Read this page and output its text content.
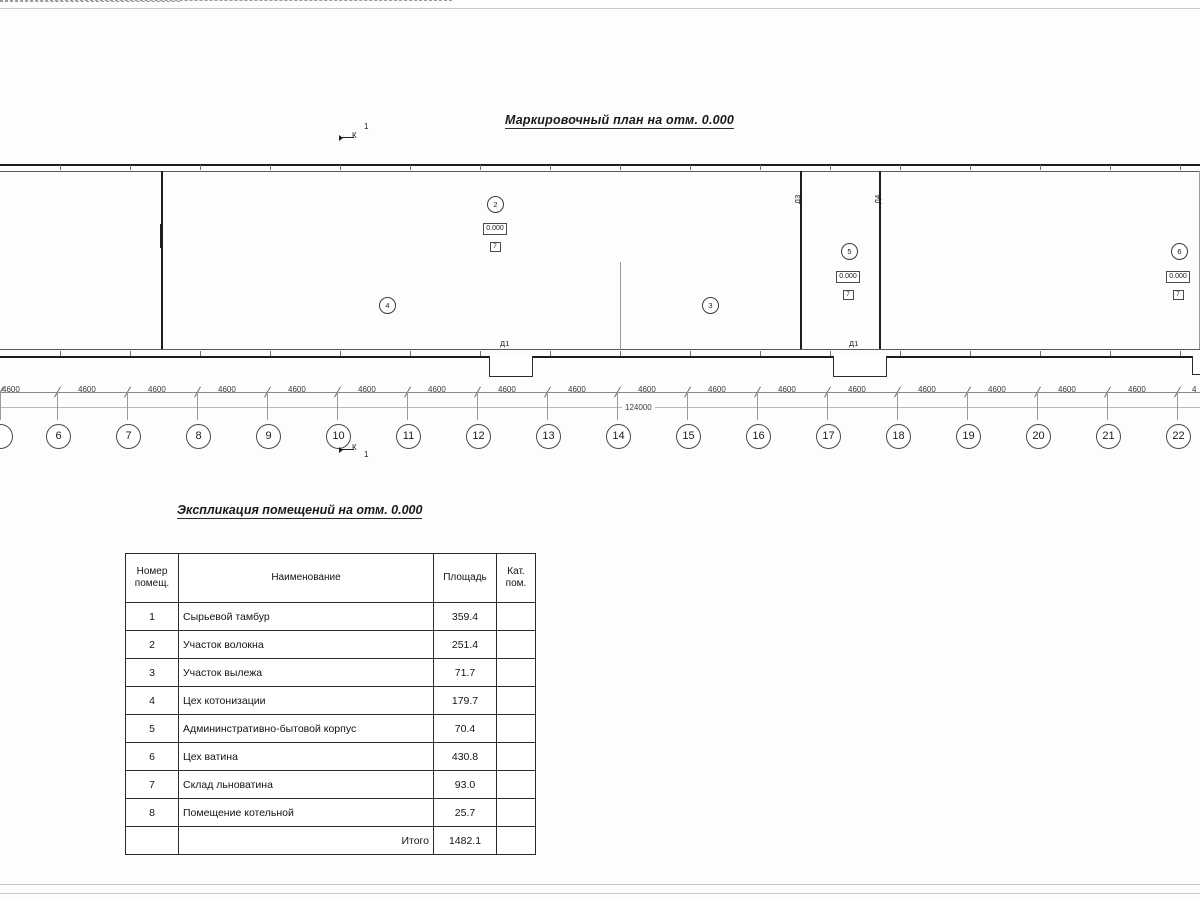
Маркировочный план на отм. 0.000
К
1
2
4	3
5	6
0.000
7
0.000
7
0.000
7
Д1	Д1
Д3	Д4
4600	4600	4600	4600	4600	4600	4600	4600	4600	4600	4600	4600	4600	4600	4600	4600	4600	4
124000
6	7	8	9	10	11	12	13	14	15	16	17	18	19	20	21	22
К
1
Экспликация помещений на отм. 0.000
Номер
помещ.	Наименование	Площадь	Кат.
пом.
1	Сырьевой тамбур	359.4	
2	Участок волокна	251.4	
3	Участок вылежа	71.7	
4	Цех котонизации	179.7	
5	Админинстративно-бытовой корпус	70.4	
6	Цех ватина	430.8	
7	Склад льноватина	93.0	
8	Помещение котельной	25.7	
	Итого	1482.1	
